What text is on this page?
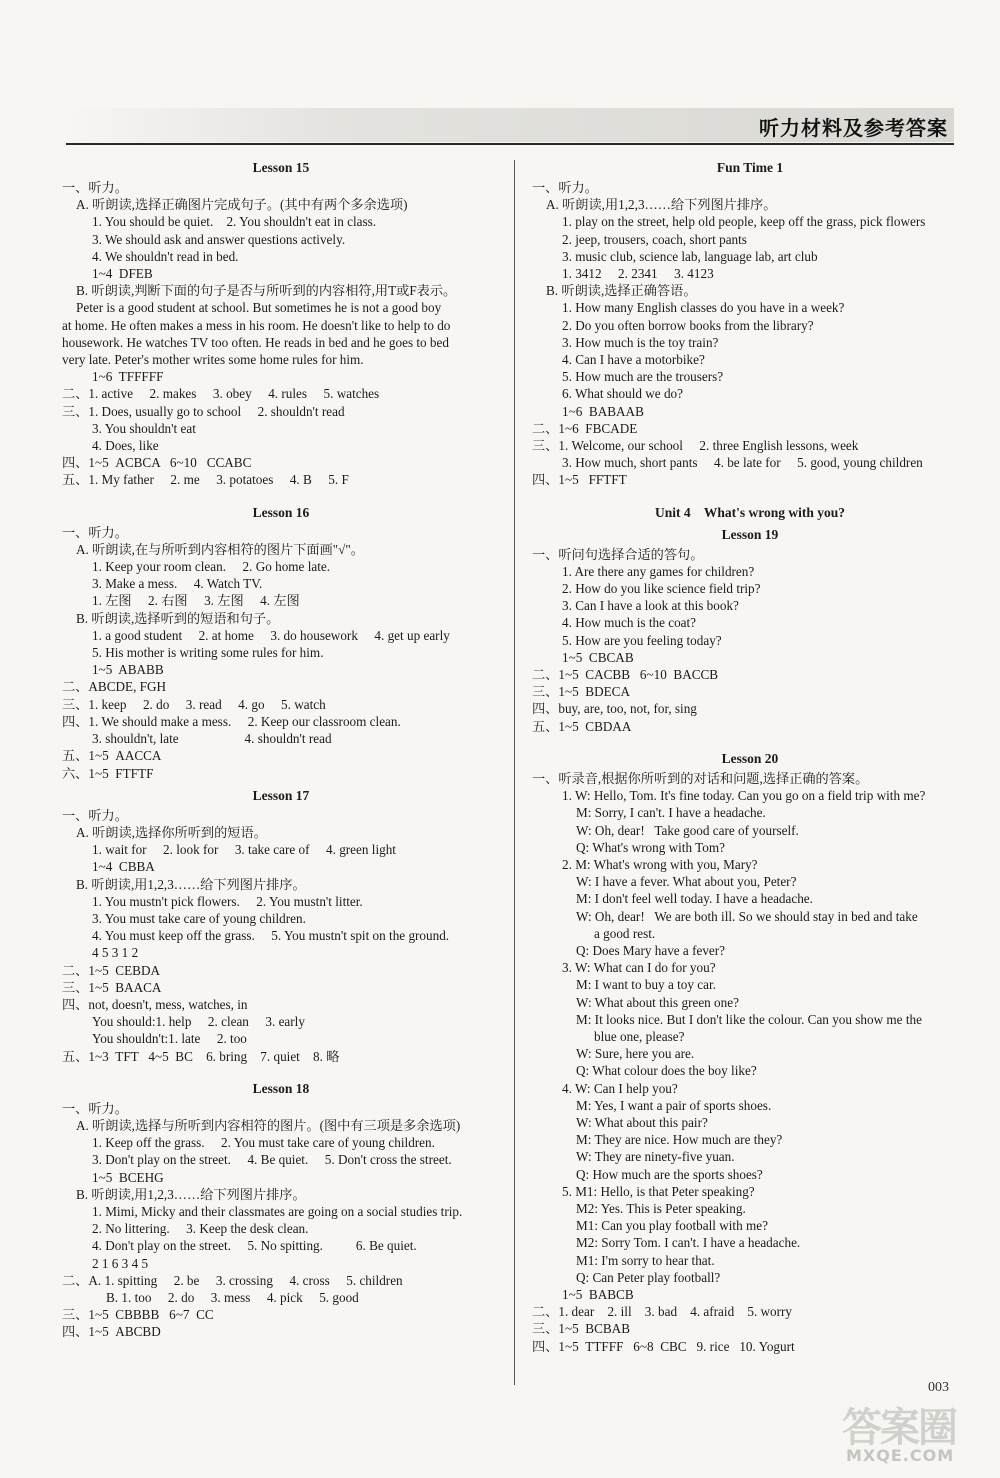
听力材料及参考答案
Lesson 15
一、听力。
A. 听朗读,选择正确图片完成句子。(其中有两个多余选项)
1. You should be quiet.    2. You shouldn't eat in class.
3. We should ask and answer questions actively.
4. We shouldn't read in bed.
1~4  DFEB
B. 听朗读,判断下面的句子是否与所听到的内容相符,用T或F表示。
Peter is a good student at school. But sometimes he is not a good boy
at home. He often makes a mess in his room. He doesn't like to help to do
housework. He watches TV too often. He reads in bed and he goes to bed
very late. Peter's mother writes some home rules for him.
1~6  TFFFFF
二、1. active     2. makes     3. obey     4. rules     5. watches
三、1. Does, usually go to school     2. shouldn't read
3. You shouldn't eat
4. Does, like
四、1~5  ACBCA   6~10   CCABC
五、1. My father     2. me     3. potatoes     4. B     5. F
Lesson 16
一、听力。
A. 听朗读,在与所听到内容相符的图片下面画"√"。
1. Keep your room clean.     2. Go home late.
3. Make a mess.     4. Watch TV.
1. 左图     2. 右图     3. 左图     4. 左图
B. 听朗读,选择听到的短语和句子。
1. a good student     2. at home     3. do housework     4. get up early
5. His mother is writing some rules for him.
1~5  ABABB
二、ABCDE, FGH
三、1. keep     2. do     3. read     4. go     5. watch
四、1. We should make a mess.     2. Keep our classroom clean.
3. shouldn't, late                    4. shouldn't read
五、1~5  AACCA
六、1~5  FTFTF
Lesson 17
一、听力。
A. 听朗读,选择你所听到的短语。
1. wait for     2. look for     3. take care of     4. green light
1~4  CBBA
B. 听朗读,用1,2,3……给下列图片排序。
1. You mustn't pick flowers.     2. You mustn't litter.
3. You must take care of young children.
4. You must keep off the grass.     5. You mustn't spit on the ground.
4 5 3 1 2
二、1~5  CEBDA
三、1~5  BAACA
四、not, doesn't, mess, watches, in
You should:1. help     2. clean     3. early
You shouldn't:1. late     2. too
五、1~3  TFT   4~5  BC    6. bring    7. quiet    8. 略
Lesson 18
一、听力。
A. 听朗读,选择与所听到内容相符的图片。(图中有三项是多余选项)
1. Keep off the grass.     2. You must take care of young children.
3. Don't play on the street.     4. Be quiet.     5. Don't cross the street.
1~5  BCEHG
B. 听朗读,用1,2,3……给下列图片排序。
1. Mimi, Micky and their classmates are going on a social studies trip.
2. No littering.     3. Keep the desk clean.
4. Don't play on the street.     5. No spitting.          6. Be quiet.
2 1 6 3 4 5
二、A. 1. spitting     2. be     3. crossing     4. cross     5. children
B. 1. too     2. do     3. mess     4. pick     5. good
三、1~5  CBBBB   6~7  CC
四、1~5  ABCBD
Fun Time 1
一、听力。
A. 听朗读,用1,2,3……给下列图片排序。
1. play on the street, help old people, keep off the grass, pick flowers
2. jeep, trousers, coach, short pants
3. music club, science lab, language lab, art club
1. 3412     2. 2341     3. 4123
B. 听朗读,选择正确答语。
1. How many English classes do you have in a week?
2. Do you often borrow books from the library?
3. How much is the toy train?
4. Can I have a motorbike?
5. How much are the trousers?
6. What should we do?
1~6  BABAAB
二、1~6  FBCADE
三、1. Welcome, our school     2. three English lessons, week
3. How much, short pants     4. be late for     5. good, young children
四、1~5   FFTFT
Unit 4    What's wrong with you?
Lesson 19
一、听问句选择合适的答句。
1. Are there any games for children?
2. How do you like science field trip?
3. Can I have a look at this book?
4. How much is the coat?
5. How are you feeling today?
1~5  CBCAB
二、1~5  CACBB   6~10  BACCB
三、1~5  BDECA
四、buy, are, too, not, for, sing
五、1~5  CBDAA
Lesson 20
一、听录音,根据你所听到的对话和问题,选择正确的答案。
1. W: Hello, Tom. It's fine today. Can you go on a field trip with me?
M: Sorry, I can't. I have a headache.
W: Oh, dear!   Take good care of yourself.
Q: What's wrong with Tom?
2. M: What's wrong with you, Mary?
W: I have a fever. What about you, Peter?
M: I don't feel well today. I have a headache.
W: Oh, dear!   We are both ill. So we should stay in bed and take
a good rest.
Q: Does Mary have a fever?
3. W: What can I do for you?
M: I want to buy a toy car.
W: What about this green one?
M: It looks nice. But I don't like the colour. Can you show me the
blue one, please?
W: Sure, here you are.
Q: What colour does the boy like?
4. W: Can I help you?
M: Yes, I want a pair of sports shoes.
W: What about this pair?
M: They are nice. How much are they?
W: They are ninety-five yuan.
Q: How much are the sports shoes?
5. M1: Hello, is that Peter speaking?
M2: Yes. This is Peter speaking.
M1: Can you play football with me?
M2: Sorry Tom. I can't. I have a headache.
M1: I'm sorry to hear that.
Q: Can Peter play football?
1~5  BABCB
二、1. dear    2. ill    3. bad    4. afraid    5. worry
三、1~5  BCBAB
四、1~5  TTFFF   6~8  CBC   9. rice   10. Yogurt
003
答案圈
MXQE.COM
